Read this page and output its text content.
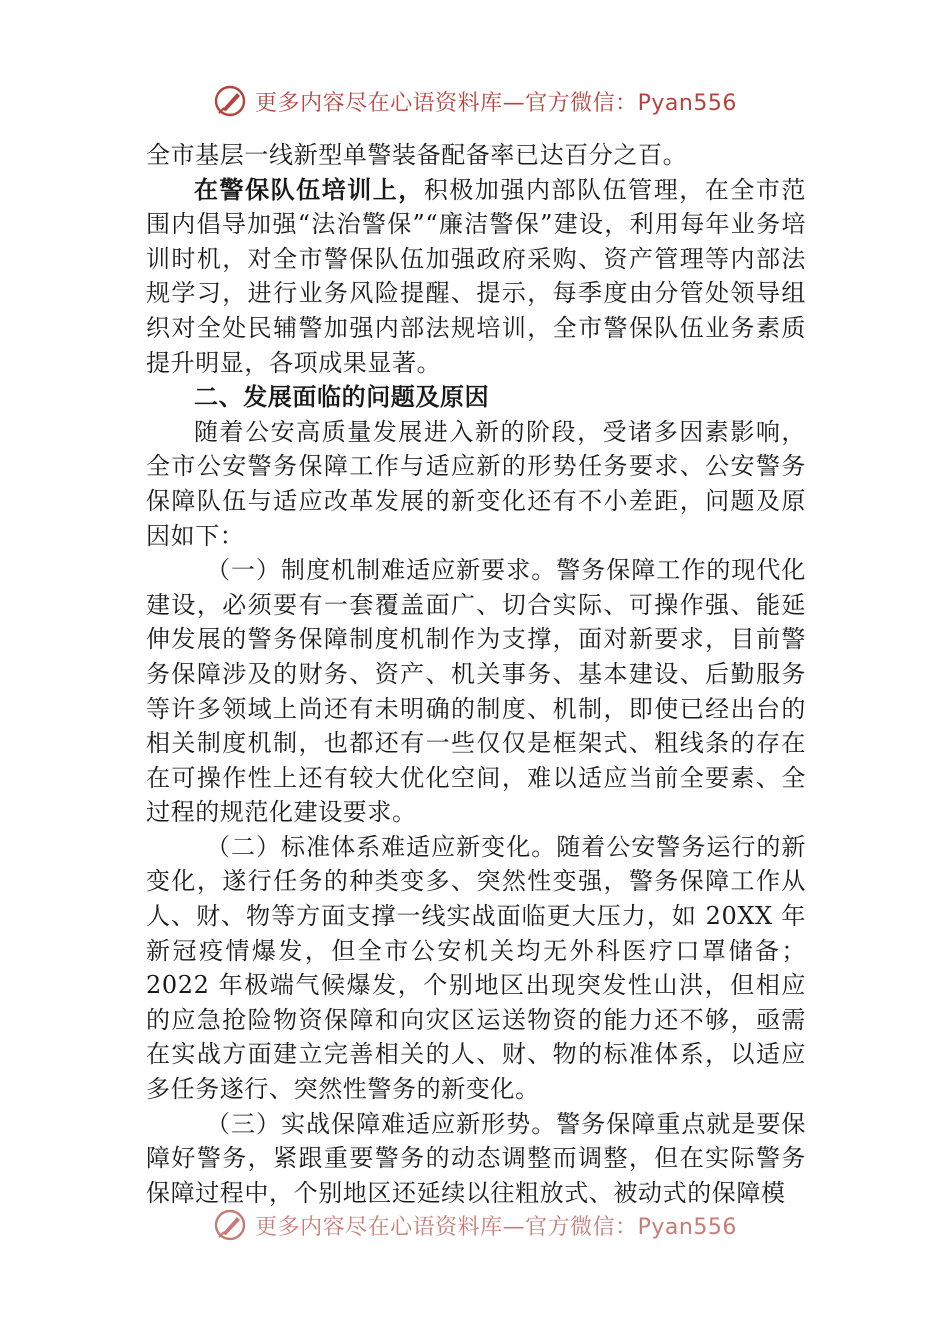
更多内容尽在心语资料库—官方微信：Pyan556

全市基层一线新型单警装备配备率已达百分之百。

在警保队伍培训上，积极加强内部队伍管理，在全市范围内倡导加强“法治警保”“廉洁警保”建设，利用每年业务培训时机，对全市警保队伍加强政府采购、资产管理等内部法规学习，进行业务风险提醒、提示，每季度由分管处领导组织对全处民辅警加强内部法规培训，全市警保队伍业务素质提升明显，各项成果显著。

二、发展面临的问题及原因

随着公安高质量发展进入新的阶段，受诸多因素影响，全市公安警务保障工作与适应新的形势任务要求、公安警务保障队伍与适应改革发展的新变化还有不小差距，问题及原因如下：

（一）制度机制难适应新要求。警务保障工作的现代化建设，必须要有一套覆盖面广、切合实际、可操作强、能延伸发展的警务保障制度机制作为支撑，面对新要求，目前警务保障涉及的财务、资产、机关事务、基本建设、后勤服务等许多领域上尚还有未明确的制度、机制，即使已经出台的相关制度机制，也都还有一些仅仅是框架式、粗线条的存在在可操作性上还有较大优化空间，难以适应当前全要素、全过程的规范化建设要求。

（二）标准体系难适应新变化。随着公安警务运行的新变化，遂行任务的种类变多、突然性变强，警务保障工作从人、财、物等方面支撑一线实战面临更大压力，如 20XX 年新冠疫情爆发，但全市公安机关均无外科医疗口罩储备；2022 年极端气候爆发，个别地区出现突发性山洪，但相应的应急抢险物资保障和向灾区运送物资的能力还不够，亟需在实战方面建立完善相关的人、财、物的标准体系，以适应多任务遂行、突然性警务的新变化。

（三）实战保障难适应新形势。警务保障重点就是要保障好警务，紧跟重要警务的动态调整而调整，但在实际警务保障过程中，个别地区还延续以往粗放式、被动式的保障模

更多内容尽在心语资料库—官方微信：Pyan556
